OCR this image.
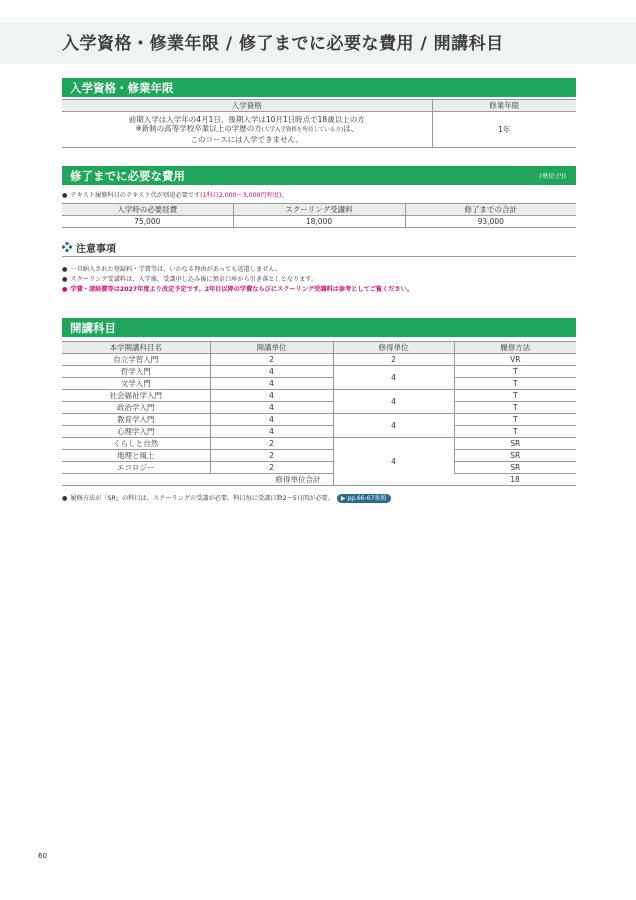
入学資格・修業年限 / 修了までに必要な費用 / 開講科目
入学資格・修業年限
入学資格	修業年限

前期入学は入学年の4月1日、後期入学は10月1日時点で18歳以上の方
※新制の高等学校卒業以上の学歴の方(大学入学資格を所持している方)は、
このコースには入学できません。	1年
修了までに必要な費用	(単位:円)
● テキスト履修科目のテキスト代が別途必要です(1科目2,000～3,000円程度)。
入学時の必要経費	スクーリング受講料	修了までの合計
75,000	18,000	93,000
注意事項
● 一旦納入された登録料・学費等は、いかなる理由があっても返還しません。
● スクーリング受講料は、入学後、受講申し込み後に預金口座から引き落としとなります。
● 学費・諸経費等は2027年度より改定予定です。2年目以降の学費ならびにスクーリング受講料は参考としてご覧ください。
開講科目
本学開講科目名	開講単位	修得単位	履修方法	
自立学習入門	2	2	VR	
哲学入門	4	4	T	
文学入門	4		T	
社会福祉学入門	4	4	T	
政治学入門	4		T	
教育学入門	4	4	T	
心理学入門	4		T	
くらしと自然	2	4	SR	
地理と風土	2		SR	
エコロジー	2		SR	
修得単位合計			18	
● 履修方法が「SR」の科目は、スクーリングの受講が必要。科目毎に受講日数2～5日間が必要。 ▶ pp.66-67参照
60
